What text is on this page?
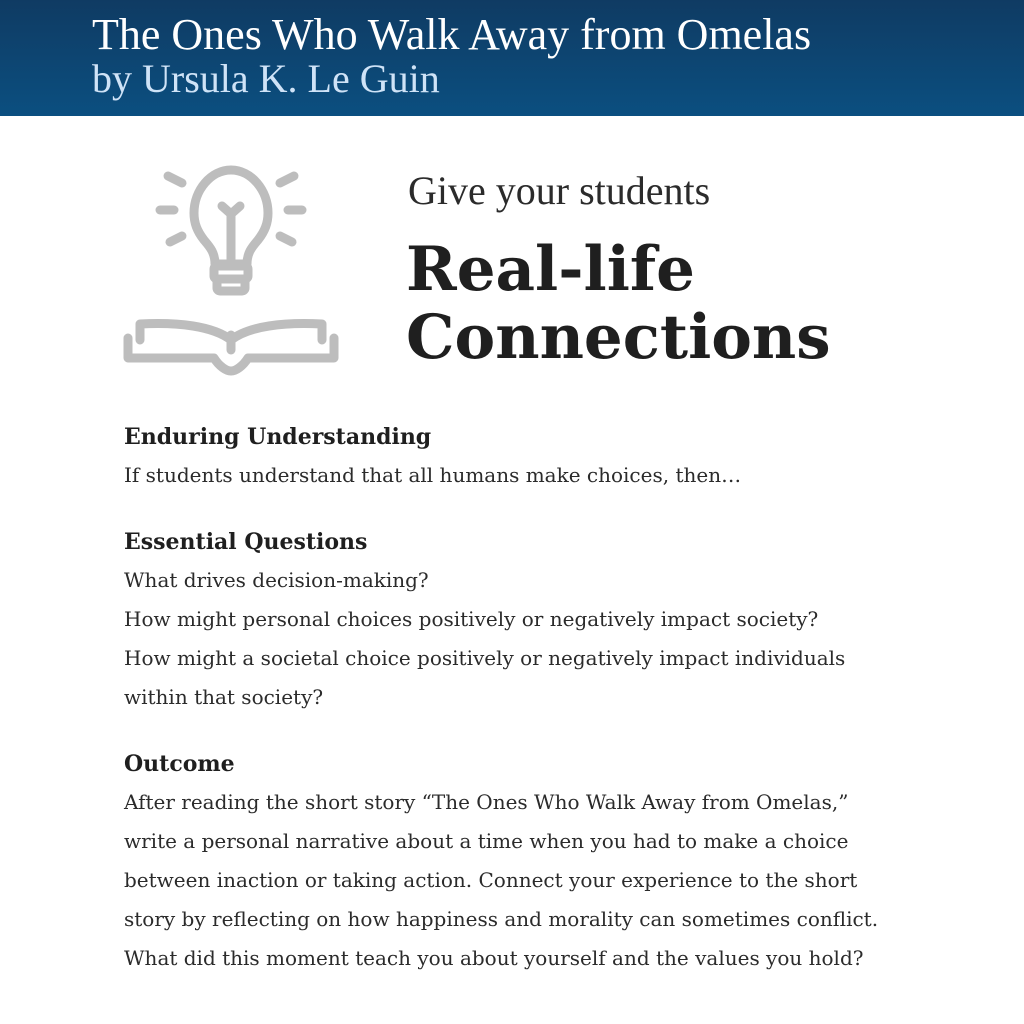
The Ones Who Walk Away from Omelas
by Ursula K. Le Guin
Give your students
Real-life
Connections
Enduring Understanding

If students understand that all humans make choices, then…

Essential Questions

What drives decision-making?

How might personal choices positively or negatively impact society?

How might a societal choice positively or negatively impact individuals

within that society?

Outcome

After reading the short story “The Ones Who Walk Away from Omelas,”

write a personal narrative about a time when you had to make a choice

between inaction or taking action. Connect your experience to the short

story by reflecting on how happiness and morality can sometimes conflict.

What did this moment teach you about yourself and the values you hold?
